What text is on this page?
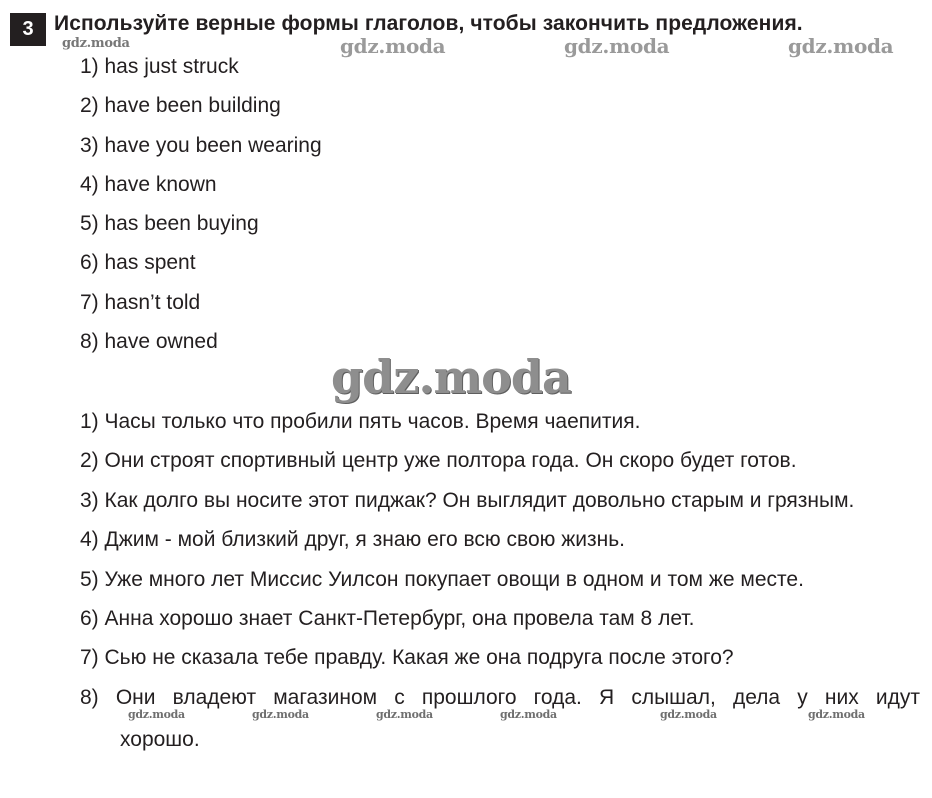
3 Используйте верные формы глаголов, чтобы закончить предложения.
gdz.moda	gdz.moda	gdz.moda	gdz.moda
gdz.moda
1) has just struck
2) have been building
3) have you been wearing
4) have known
5) has been buying
6) has spent
7) hasn’t told
8) have owned
1) Часы только что пробили пять часов. Время чаепития.
2) Они строят спортивный центр уже полтора года. Он скоро будет готов.
3) Как долго вы носите этот пиджак? Он выглядит довольно старым и грязным.
4) Джим - мой близкий друг, я знаю его всю свою жизнь.
5) Уже много лет Миссис Уилсон покупает овощи в одном и том же месте.
6) Анна хорошо знает Санкт-Петербург, она провела там 8 лет.
7) Сью не сказала тебе правду. Какая же она подруга после этого?
8) Они владеют магазином с прошлого года. Я слышал, дела у них идут хорошо.
gdz.moda	gdz.moda	gdz.moda	gdz.moda	gdz.moda	gdz.moda
